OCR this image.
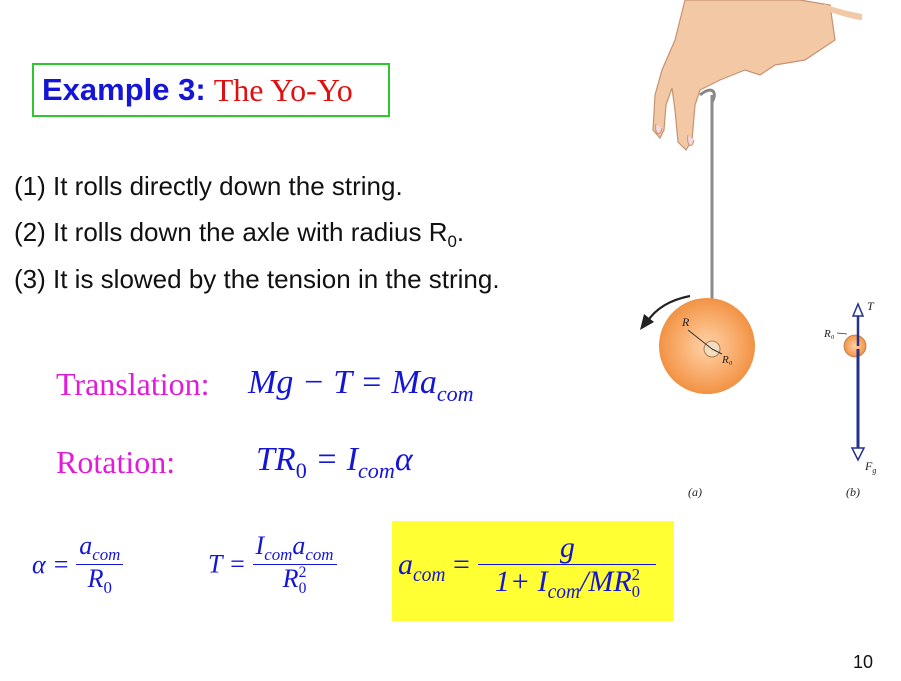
Example 3: The Yo-Yo
(1) It rolls directly down the string.
(2) It rolls down the axle with radius $R_0$.
(3) It is slowed by the tension in the string.
Translation: $Mg - T = Ma_{com}$
Rotation: $TR_0 = I_{com}\alpha$
$\alpha = \frac{a_{com}}{R_0}$	$T = I_{com}a_{com}$
R 2
0 $a_{com} = g$
$1+ I_{com}/MR$ 2
0
R
R₀
R₀
T
$F_g$
(a)	(b)
10
